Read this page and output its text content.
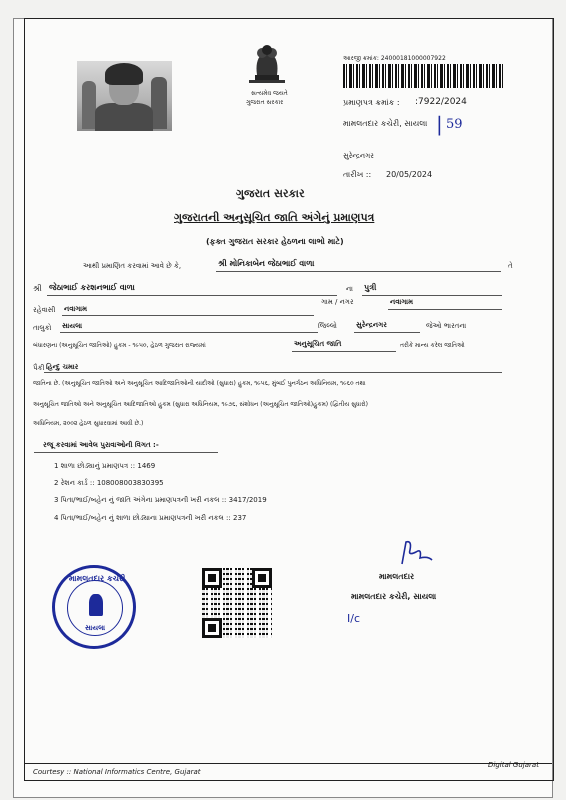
સત્યમેવ જયતે
ગુજરાત સરકાર
આરજી ક્રમાંક: 24000181000007922
પ્રમાણપત્ર ક્રમાંક : :7922/2024
મામલતદાર કચેરી, સાયલા | 59
સુરેન્દ્રનગર
તારીખ :: 20/05/2024
ગુજરાત સરકાર
ગુજરાતની અનુસૂચિત જાતિ અંગેનું પ્રમાણપત્ર
(ફક્ત ગુજરાત સરકાર હેઠળના લાભો માટે)
આથી પ્રમાણિત કરવામાં આવે છે કે,	શ્રી મોનિકાબેન જેઠાભાઈ વાળા	તે
શ્રી જેઠાભાઈ કરશનભાઈ વાળા	ના પુત્રી
રહેવાસી નવાગામ
ગામ / નગર	નવાગામ
તાલુકો સાયલા	જિલ્લો	સુરેન્દ્રનગર	જેઓ ભારતના
બંધારણના (અનુસૂચિત જાતિઓ) હુકમ - ૧૯૫૦, હેઠળ ગુજરાત રાજ્યમાં	અનુસૂચિત જાતિ	તરીકે માન્ય કરેલ જાતિઓ
પૈકી હિન્દુ ચમાર
જાતિના છે. (અનુસૂચિત જાતિઓ અને અનુસૂચિત આદિજાતિઓની યાદીઓ (સુધારા) હુકમ, ૧૯૫૬, મુંબઈ પુનર્ગઠન અધિનિયમ, ૧૯૬૦ તથા
અનુસૂચિત જાતિઓ અને અનુસૂચિત આદિજાતિઓ હુકમ (સુધારા અધિનિયમ, ૧૯૭૬, સંશોધન (અનુસૂચિત જાતિઓ)હુકમ) (દ્વિતીય સુધારો)
અધિનિયમ, ૨૦૦૨ હેઠળ સુધારવામાં આવી છે.)
રજૂ કરવામાં આવેલ પુરાવાઓની વિગત :-
1 શાળા છોડ્યાનું પ્રમાણપત્ર :: 1469
2 રેશન કાર્ડ :: 108008003830395
3 પિતા/ભાઈ/બહેન નું જાતિ અંગેના પ્રમાણપત્રની ખરી નકલ :: 3417/2019
4 પિતા/ભાઈ/બહેન નું શાળા છોડ્યાના પ્રમાણપત્રની ખરી નકલ :: 237
મામલતદાર કચેરી
સાયલા
મામલતદાર
મામલતદાર કચેરી, સાયલા
I/c
Courtesy :: National Informatics Centre, Gujarat
Digital Gujarat
